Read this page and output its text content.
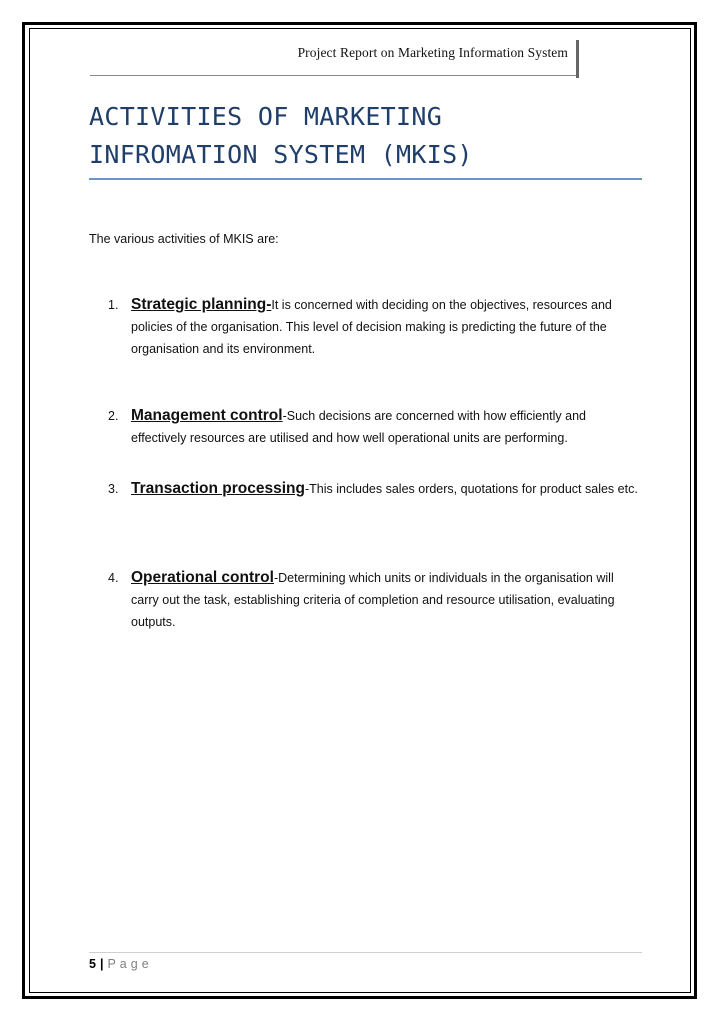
Project Report on Marketing Information System
ACTIVITIES OF MARKETING
INFROMATION SYSTEM (MKIS)
The various activities of MKIS are:
1. Strategic planning-It is concerned with deciding on the objectives, resources and policies of the organisation. This level of decision making is predicting the future of the organisation and its environment.
2. Management control-Such decisions are concerned with how efficiently and effectively resources are utilised and how well operational units are performing.
3. Transaction processing-This includes sales orders, quotations for product sales etc.
4. Operational control-Determining which units or individuals in the organisation will carry out the task, establishing criteria of completion and resource utilisation, evaluating outputs.
5 | Page
